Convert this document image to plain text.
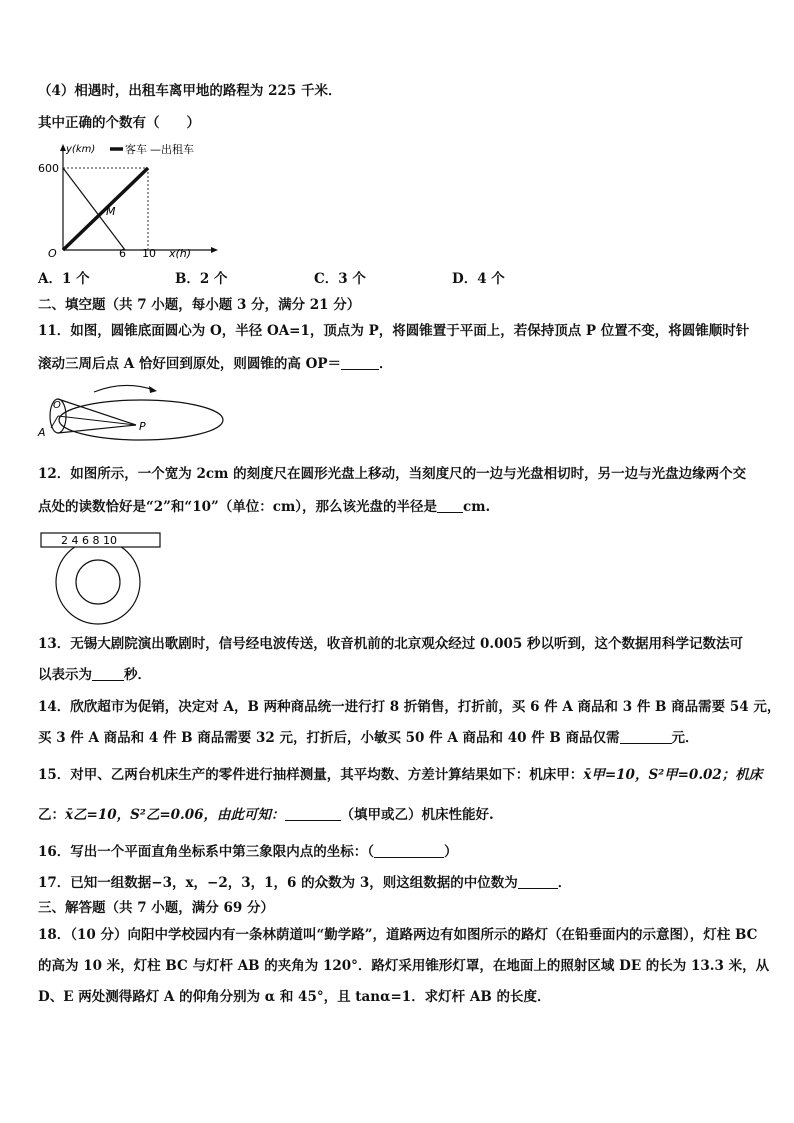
（4）相遇时，出租车离甲地的路程为 225 千米．
其中正确的个数有（　　）
y(km)	客车 —出租车
600
O	6 10 x(h)
M
A．1 个	B．2 个	C．3 个	D．4 个
二、填空题（共 7 小题，每小题 3 分，满分 21 分）
11．如图，圆锥底面圆心为 O，半径 OA=1，顶点为 P，将圆锥置于平面上，若保持顶点 P 位置不变，将圆锥顺时针
滚动三周后点 A 恰好回到原处，则圆锥的高 OP＝	．
O
A	P
12．如图所示，一个宽为 2cm 的刻度尺在圆形光盘上移动，当刻度尺的一边与光盘相切时，另一边与光盘边缘两个交
点处的读数恰好是“2”和“10”（单位：cm），那么该光盘的半径是 cm.
2 4 6 8 10
13．无锡大剧院演出歌剧时，信号经电波传送，收音机前的北京观众经过 0.005 秒以听到，这个数据用科学记数法可
以表示为 秒．
14．欣欣超市为促销，决定对 A，B 两种商品统一进行打 8 折销售，打折前，买 6 件 A 商品和 3 件 B 商品需要 54 元，
买 3 件 A 商品和 4 件 B 商品需要 32 元，打折后，小敏买 50 件 A 商品和 40 件 B 商品仅需	元．
15．对甲、乙两台机床生产的零件进行抽样测量，其平均数、方差计算结果如下：机床甲：x̄甲=10，S²甲=0.02；机床
乙：x̄乙=10，S²乙=0.06，由此可知：	（填甲或乙）机床性能好.
16．写出一个平面直角坐标系中第三象限内点的坐标：（	）
17．已知一组数据−3，x，−2，3，1，6 的众数为 3，则这组数据的中位数为	．
三、解答题（共 7 小题，满分 69 分）
18．（10 分）向阳中学校园内有一条林荫道叫“勤学路”，道路两边有如图所示的路灯（在铅垂面内的示意图），灯柱 BC
的高为 10 米，灯柱 BC 与灯杆 AB 的夹角为 120°．路灯采用锥形灯罩，在地面上的照射区域 DE 的长为 13.3 米，从
D、E 两处测得路灯 A 的仰角分别为 α 和 45°，且 tanα=1．求灯杆 AB 的长度．
